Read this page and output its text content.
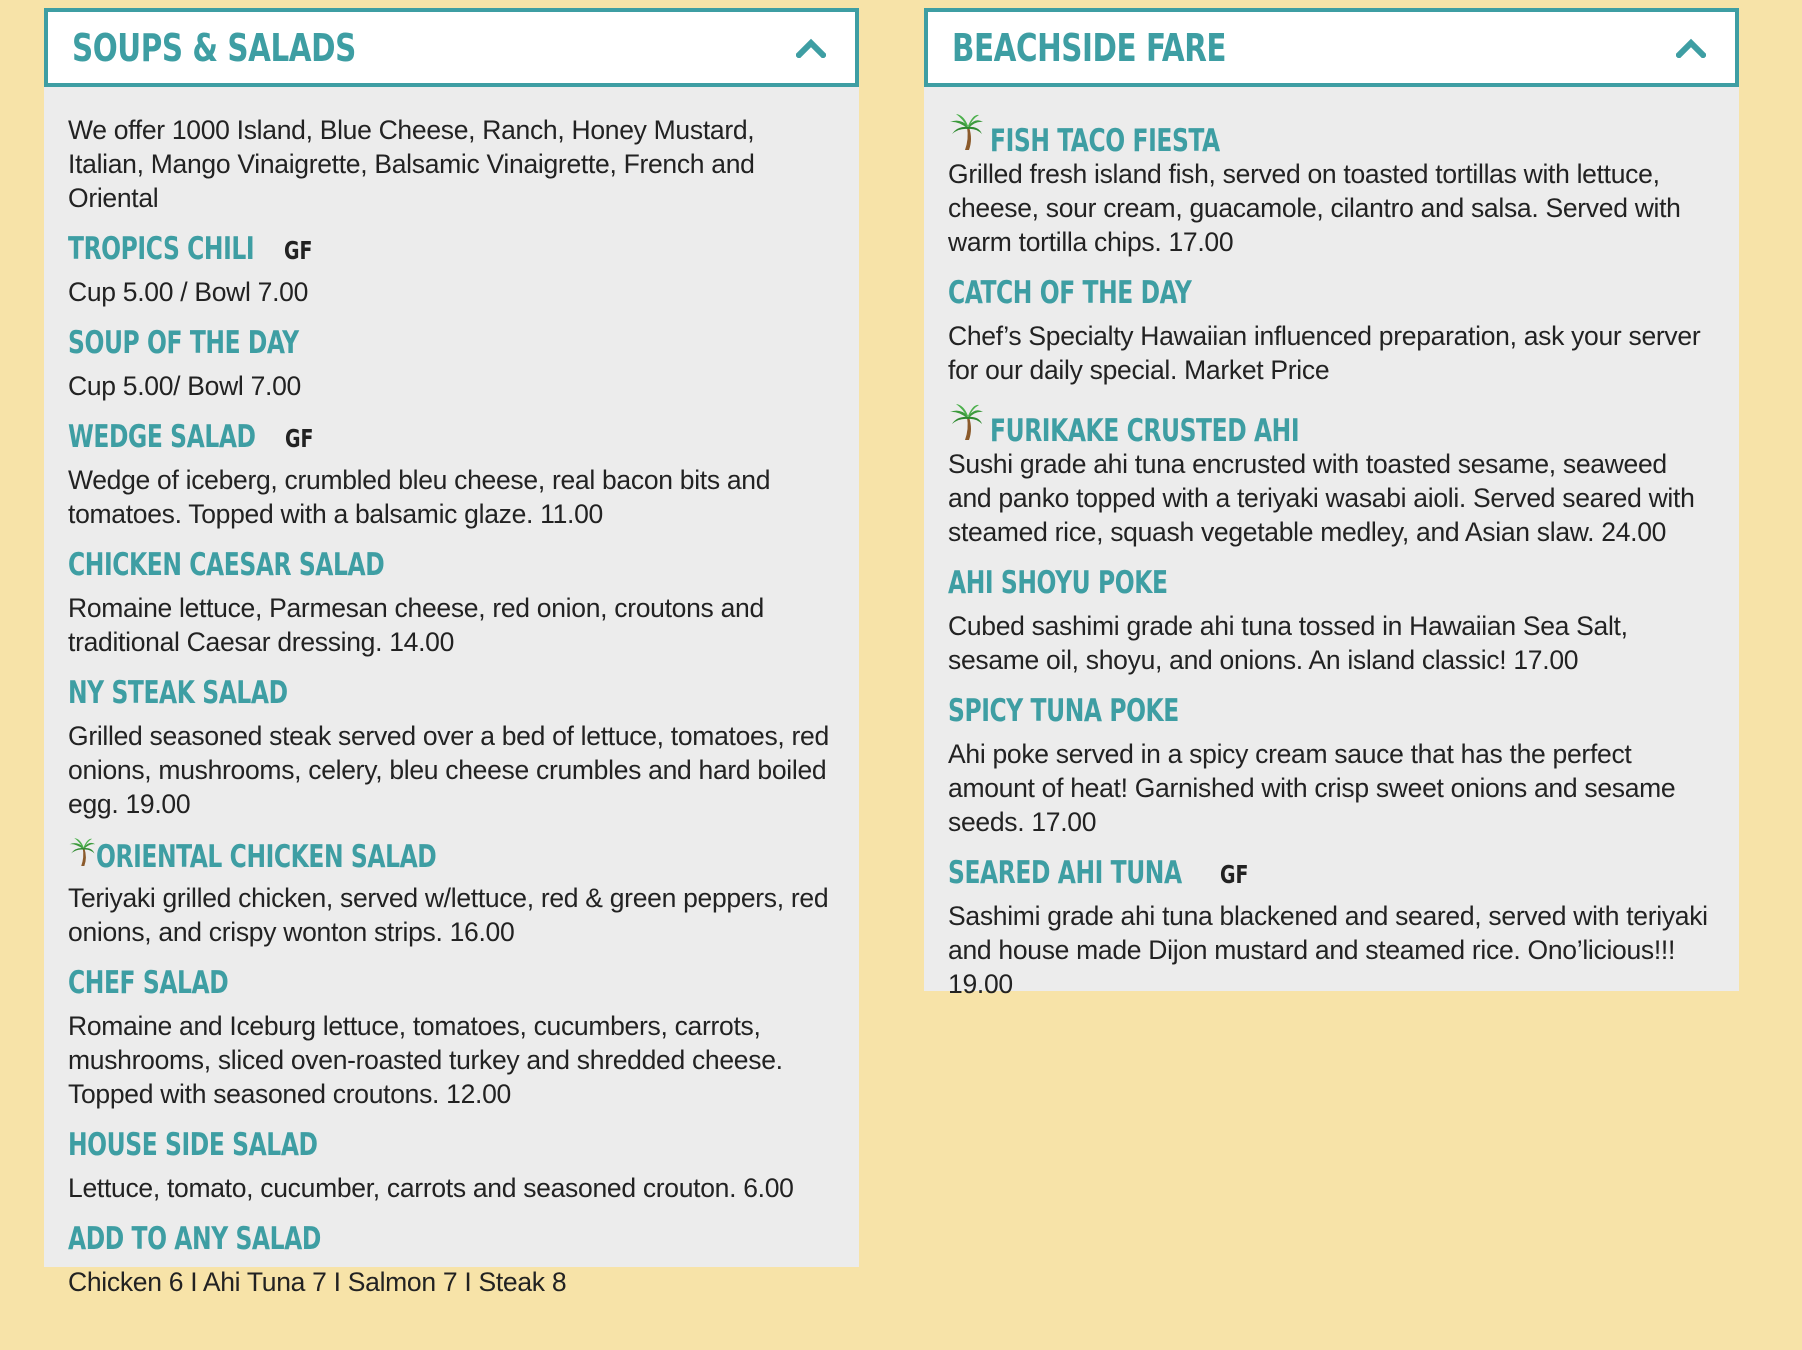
SOUPS & SALADS

We offer 1000 Island, Blue Cheese, Ranch, Honey Mustard, Italian, Mango Vinaigrette, Balsamic Vinaigrette, French and Oriental

TROPICS CHILI GF

Cup 5.00 / Bowl 7.00

SOUP OF THE DAY

Cup 5.00/ Bowl 7.00

WEDGE SALAD GF

Wedge of iceberg, crumbled bleu cheese, real bacon bits and tomatoes. Topped with a balsamic glaze. 11.00

CHICKEN CAESAR SALAD

Romaine lettuce, Parmesan cheese, red onion, croutons and traditional Caesar dressing. 14.00

NY STEAK SALAD

Grilled seasoned steak served over a bed of lettuce, tomatoes, red onions, mushrooms, celery, bleu cheese crumbles and hard boiled egg. 19.00

ORIENTAL CHICKEN SALAD

Teriyaki grilled chicken, served w/lettuce, red & green peppers, red onions, and crispy wonton strips. 16.00

CHEF SALAD

Romaine and Iceburg lettuce, tomatoes, cucumbers, carrots, mushrooms, sliced oven-roasted turkey and shredded cheese. Topped with seasoned croutons. 12.00

HOUSE SIDE SALAD

Lettuce, tomato, cucumber, carrots and seasoned crouton. 6.00

ADD TO ANY SALAD

Chicken 6 I Ahi Tuna 7 I Salmon 7 I Steak 8

BEACHSIDE FARE
FISH TACO FIESTA

Grilled fresh island fish, served on toasted tortillas with lettuce, cheese, sour cream, guacamole, cilantro and salsa. Served with warm tortilla chips. 17.00

CATCH OF THE DAY

Chef’s Specialty Hawaiian influenced preparation, ask your server for our daily special. Market Price

FURIKAKE CRUSTED AHI

Sushi grade ahi tuna encrusted with toasted sesame, seaweed and panko topped with a teriyaki wasabi aioli. Served seared with steamed rice, squash vegetable medley, and Asian slaw. 24.00

AHI SHOYU POKE

Cubed sashimi grade ahi tuna tossed in Hawaiian Sea Salt, sesame oil, shoyu, and onions. An island classic! 17.00

SPICY TUNA POKE

Ahi poke served in a spicy cream sauce that has the perfect amount of heat! Garnished with crisp sweet onions and sesame seeds. 17.00

SEARED AHI TUNA GF

Sashimi grade ahi tuna blackened and seared, served with teriyaki and house made Dijon mustard and steamed rice. Ono’licious!!! 19.00
